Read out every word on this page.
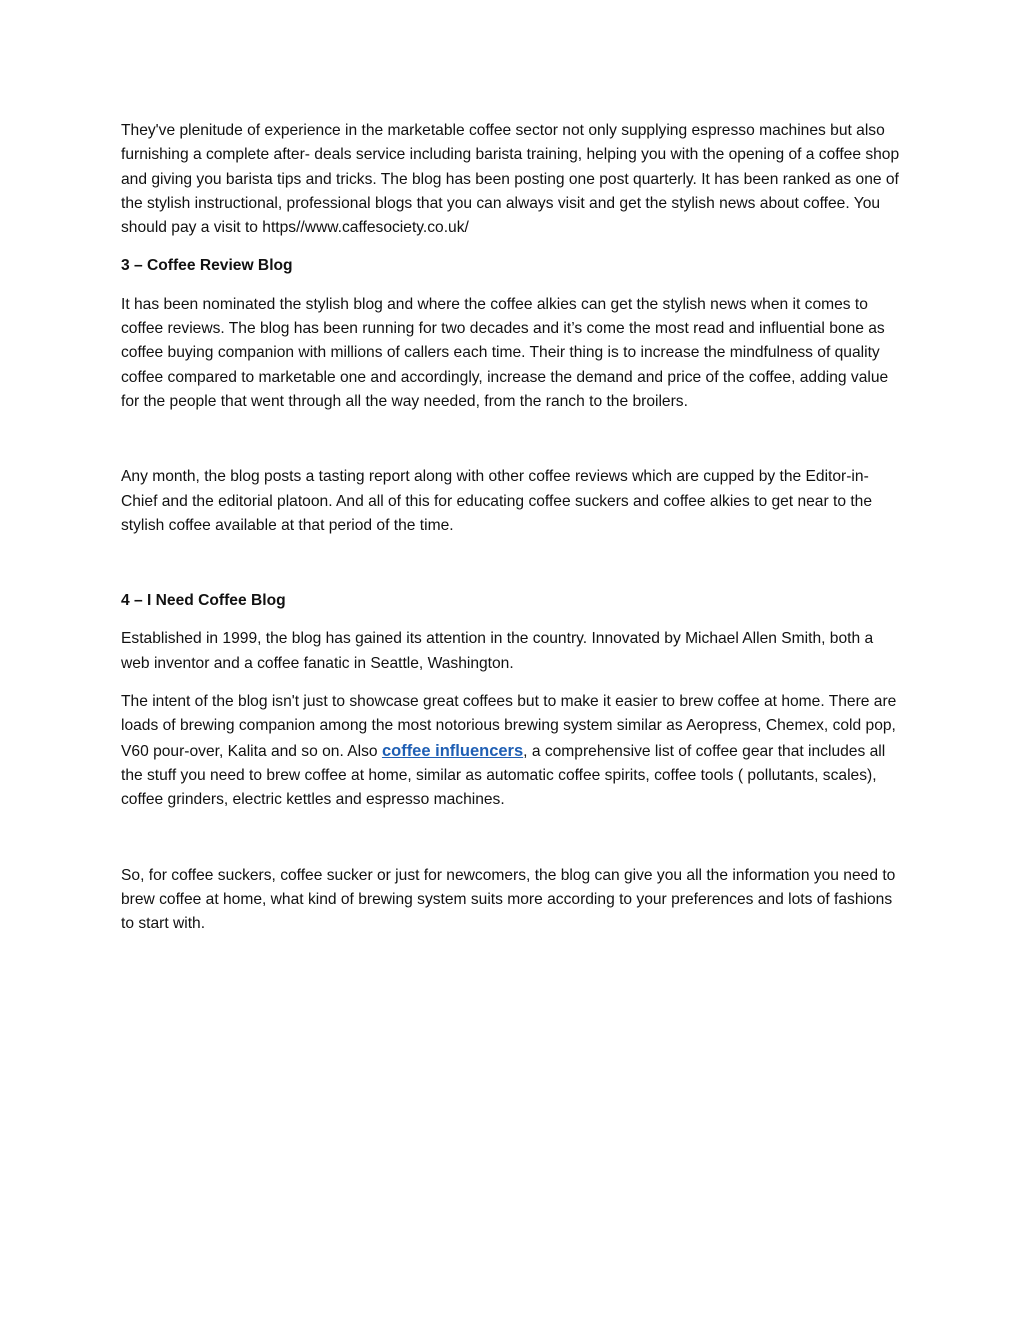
They've plenitude of experience in the marketable coffee sector not only supplying espresso machines but also furnishing a complete after- deals service including barista training, helping you with the opening of a coffee shop and giving you barista tips and tricks. The blog has been posting one post quarterly. It has been ranked as one of the stylish instructional, professional blogs that you can always visit and get the stylish news about coffee. You should pay a visit to https//www.caffesociety.co.uk/

3 – Coffee Review Blog

It has been nominated the stylish blog and where the coffee alkies can get the stylish news when it comes to coffee reviews. The blog has been running for two decades and it’s come the most read and influential bone as coffee buying companion with millions of callers each time. Their thing is to increase the mindfulness of quality coffee compared to marketable one and accordingly, increase the demand and price of the coffee, adding value for the people that went through all the way needed, from the ranch to the broilers.

Any month, the blog posts a tasting report along with other coffee reviews which are cupped by the Editor-in-Chief and the editorial platoon. And all of this for educating coffee suckers and coffee alkies to get near to the stylish coffee available at that period of the time.

4 – I Need Coffee Blog

Established in 1999, the blog has gained its attention in the country. Innovated by Michael Allen Smith, both a web inventor and a coffee fanatic in Seattle, Washington.

The intent of the blog isn't just to showcase great coffees but to make it easier to brew coffee at home. There are loads of brewing companion among the most notorious brewing system similar as Aeropress, Chemex, cold pop, V60 pour-over, Kalita and so on. Also coffee influencers, a comprehensive list of coffee gear that includes all the stuff you need to brew coffee at home, similar as automatic coffee spirits, coffee tools ( pollutants, scales), coffee grinders, electric kettles and espresso machines.

So, for coffee suckers, coffee sucker or just for newcomers, the blog can give you all the information you need to brew coffee at home, what kind of brewing system suits more according to your preferences and lots of fashions to start with.
